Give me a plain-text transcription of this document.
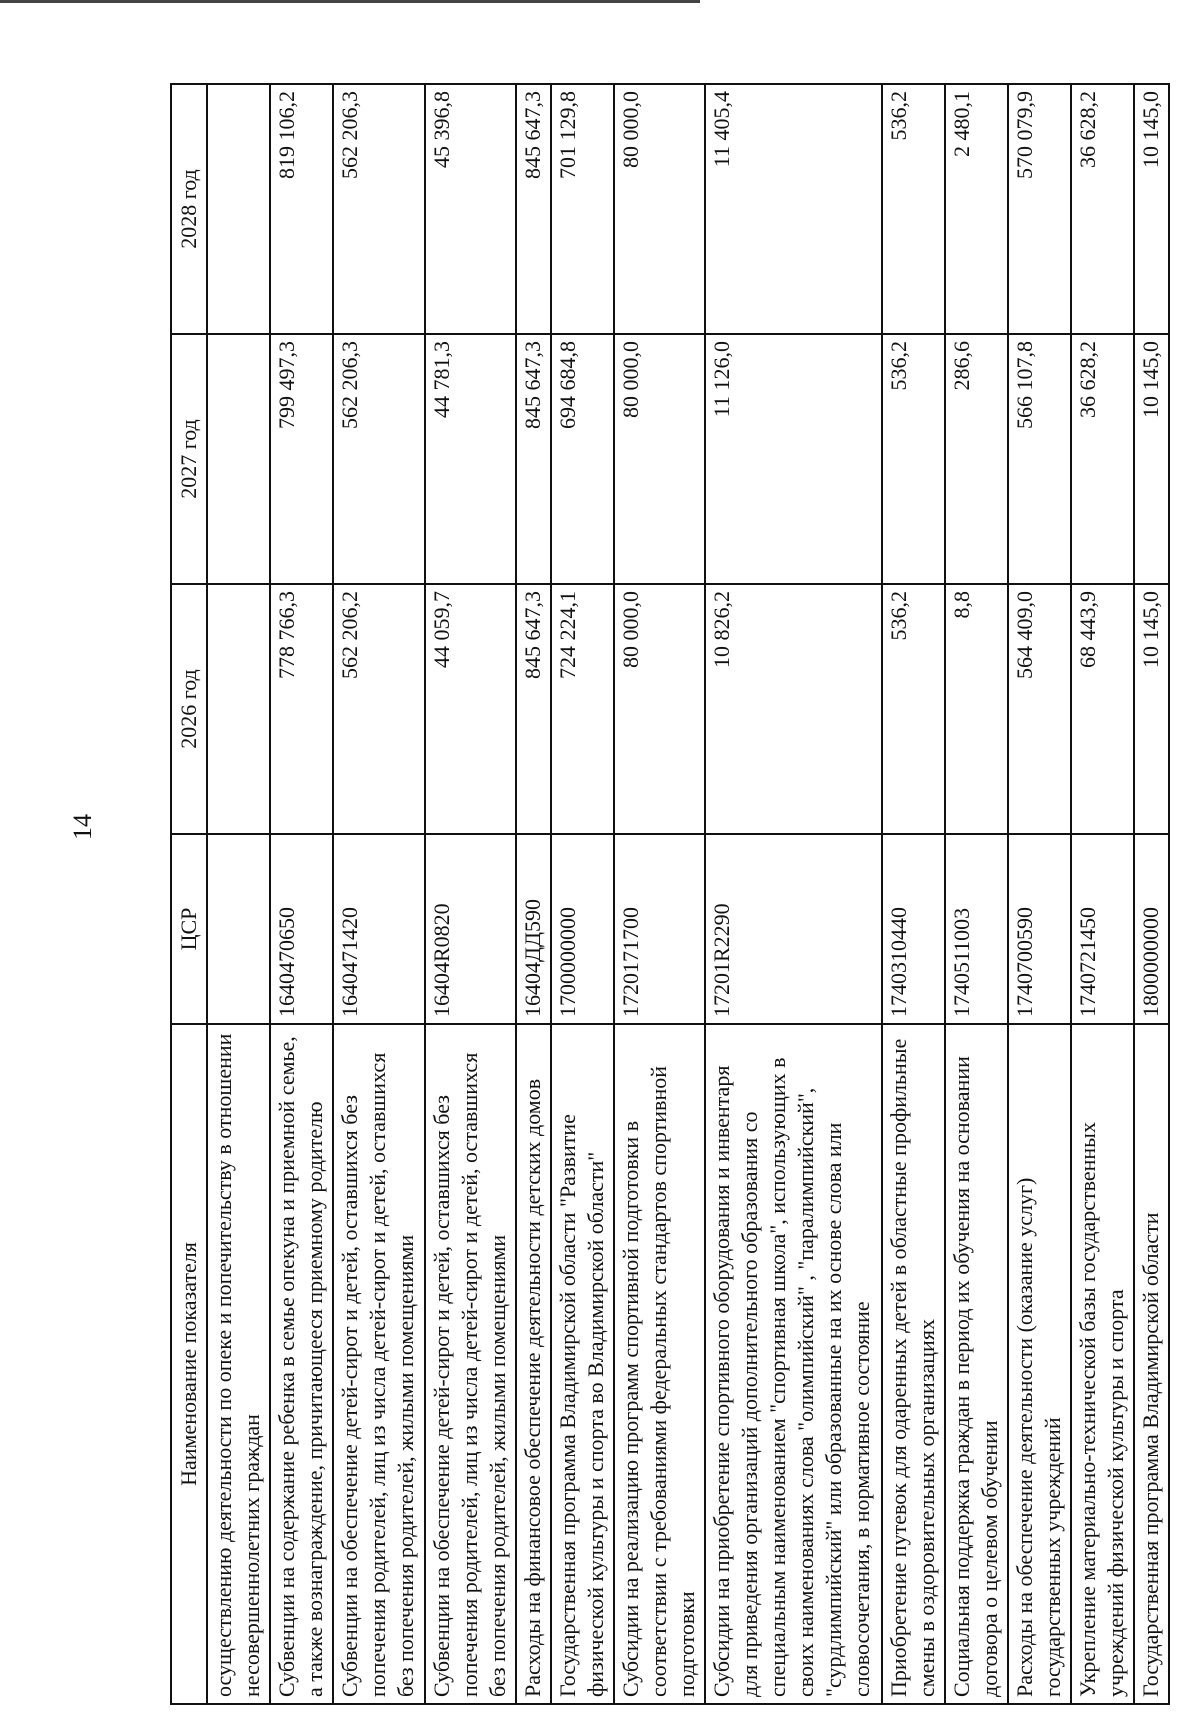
14
Наименование показателя	ЦСР	2026 год	2027 год	2028 год
осуществлению деятельности по опеке и попечительству в отношении несовершеннолетних граждан				
Субвенции на содержание ребенка в семье опекуна и приемной семье, а также вознаграждение, причитающееся приемному родителю	1640470650	778 766,3	799 497,3	819 106,2
Субвенции на обеспечение детей-сирот и детей, оставшихся без попечения родителей, лиц из числа детей-сирот и детей, оставшихся без попечения родителей, жилыми помещениями	1640471420	562 206,2	562 206,3	562 206,3
Субвенции на обеспечение детей-сирот и детей, оставшихся без попечения родителей, лиц из числа детей-сирот и детей, оставшихся без попечения родителей, жилыми помещениями	16404R0820	44 059,7	44 781,3	45 396,8
Расходы на финансовое обеспечение деятельности детских домов	16404ДД590	845 647,3	845 647,3	845 647,3
Государственная программа Владимирской области "Развитие физической культуры и спорта во Владимирской области"	1700000000	724 224,1	694 684,8	701 129,8
Субсидии на реализацию программ спортивной подготовки в соответствии с требованиями федеральных стандартов спортивной подготовки	1720171700	80 000,0	80 000,0	80 000,0
Субсидии на приобретение спортивного оборудования и инвентаря для приведения организаций дополнительного образования со специальным наименованием "спортивная школа", использующих в своих наименованиях слова "олимпийский" , "паралимпийский", "сурдлимпийский" или образованные на их основе слова или словосочетания, в нормативное состояние	17201R2290	10 826,2	11 126,0	11 405,4
Приобретение путевок для одаренных детей в областные профильные смены в оздоровительных организациях	1740310440	536,2	536,2	536,2
Социальная поддержка граждан в период их обучения на основании договора о целевом обучении	1740511003	8,8	286,6	2 480,1
Расходы на обеспечение деятельности (оказание услуг) государственных учреждений	1740700590	564 409,0	566 107,8	570 079,9
Укрепление материально-технической базы государственных учреждений физической культуры и спорта	1740721450	68 443,9	36 628,2	36 628,2
Государственная программа Владимирской области	1800000000	10 145,0	10 145,0	10 145,0
